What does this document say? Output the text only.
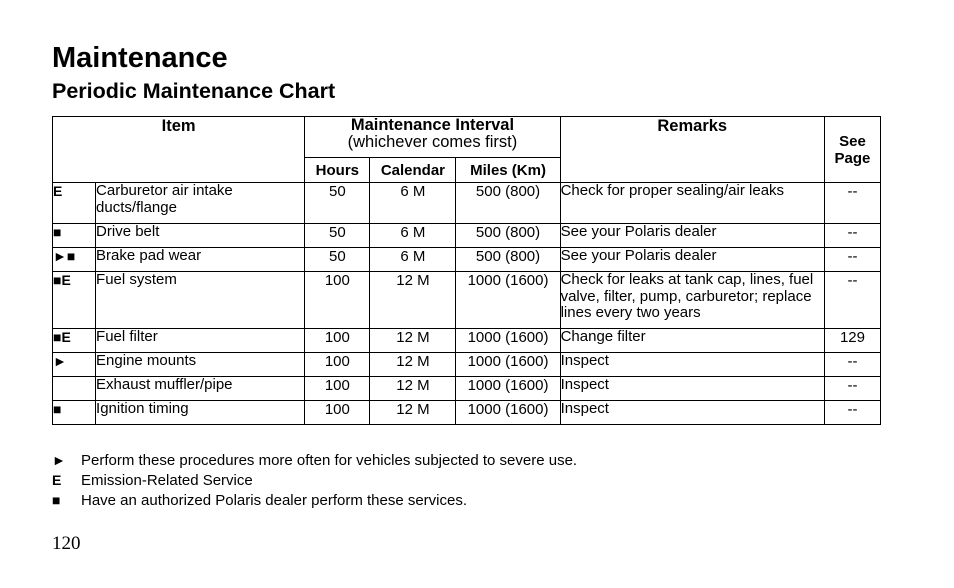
Maintenance
Periodic Maintenance Chart
Item		Maintenance Interval
(whichever comes first)			Remarks	See Page
		Hours	Calendar	Miles (Km)		
E	Carburetor air intake ducts/flange	50	6 M	500 (800)	Check for proper sealing/air leaks	--
■	Drive belt	50	6 M	500 (800)	See your Polaris dealer	--
►■	Brake pad wear	50	6 M	500 (800)	See your Polaris dealer	--
■E	Fuel system	100	12 M	1000 (1600)	Check for leaks at tank cap, lines, fuel valve, filter, pump, carburetor; replace lines every two years	--
■E	Fuel filter	100	12 M	1000 (1600)	Change filter	129
►	Engine mounts	100	12 M	1000 (1600)	Inspect	--
	Exhaust muffler/pipe	100	12 M	1000 (1600)	Inspect	--
■	Ignition timing	100	12 M	1000 (1600)	Inspect	--
►	Perform these procedures more often for vehicles subjected to severe use.
E	Emission-Related Service
■	Have an authorized Polaris dealer perform these services.
120
